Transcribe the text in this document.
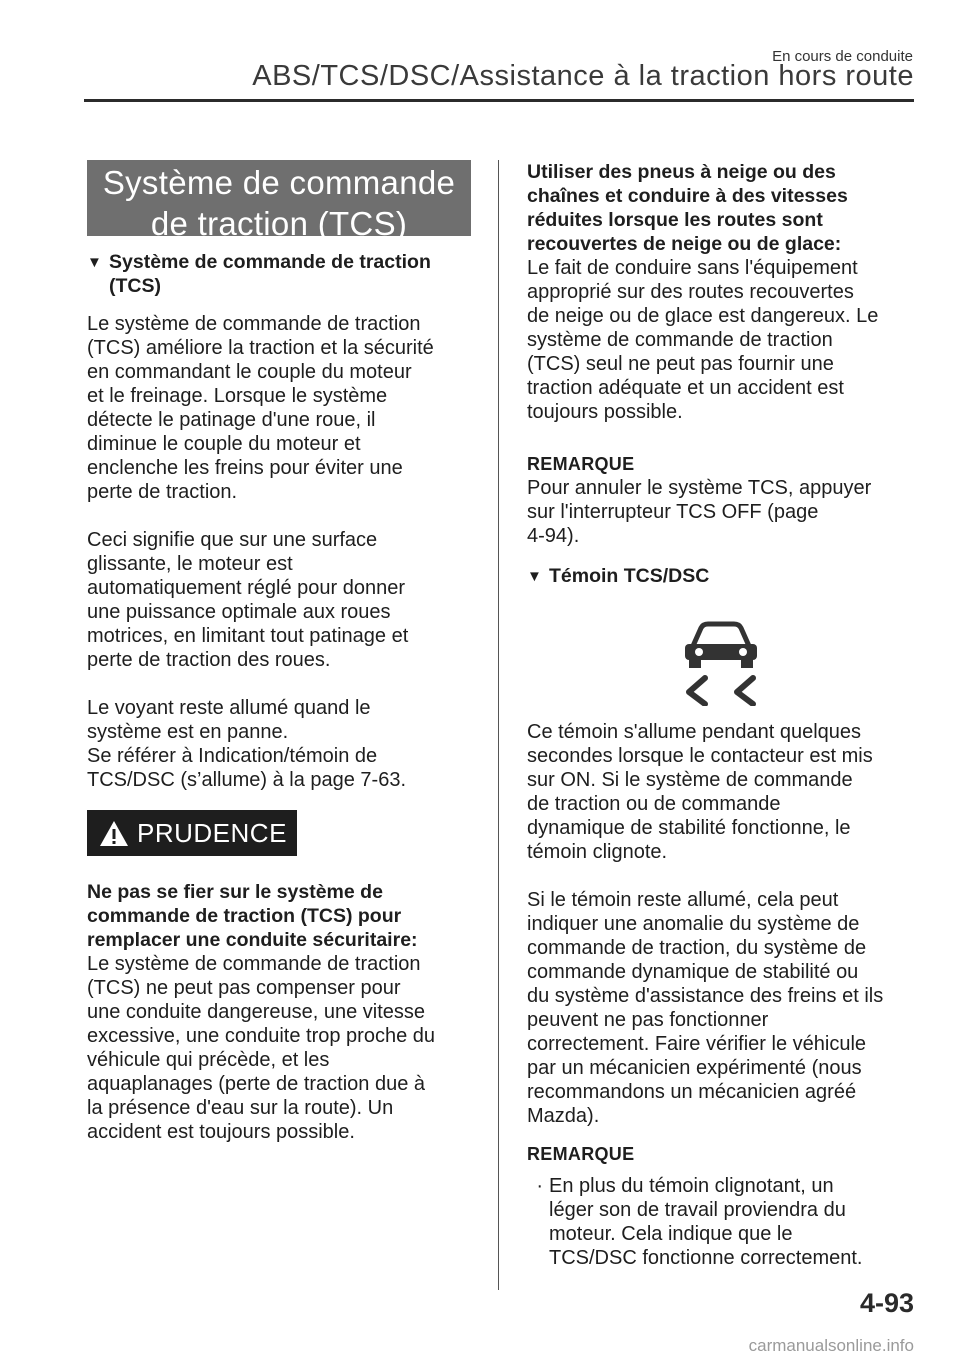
En cours de conduite
ABS/TCS/DSC/Assistance à la traction hors route
Système de commande
de traction (TCS)
▼ Système de commande de traction
(TCS)

Le système de commande de traction

(TCS) améliore la traction et la sécurité

en commandant le couple du moteur

et le freinage. Lorsque le système

détecte le patinage d'une roue, il

diminue le couple du moteur et

enclenche les freins pour éviter une

perte de traction.

Ceci signifie que sur une surface

glissante, le moteur est

automatiquement réglé pour donner

une puissance optimale aux roues

motrices, en limitant tout patinage et

perte de traction des roues.

Le voyant reste allumé quand le

système est en panne.

Se référer à Indication/témoin de

TCS/DSC (s’allume) à la page 7-63.

PRUDENCE

Ne pas se fier sur le système de

commande de traction (TCS) pour

remplacer une conduite sécuritaire:

Le système de commande de traction

(TCS) ne peut pas compenser pour

une conduite dangereuse, une vitesse

excessive, une conduite trop proche du

véhicule qui précède, et les

aquaplanages (perte de traction due à

la présence d'eau sur la route). Un

accident est toujours possible.

Utiliser des pneus à neige ou des

chaînes et conduire à des vitesses

réduites lorsque les routes sont

recouvertes de neige ou de glace:

Le fait de conduire sans l'équipement

approprié sur des routes recouvertes

de neige ou de glace est dangereux. Le

système de commande de traction

(TCS) seul ne peut pas fournir une

traction adéquate et un accident est

toujours possible.

REMARQUE

Pour annuler le système TCS, appuyer

sur l'interrupteur TCS OFF (page

4-94).

▼ Témoin TCS/DSC

Ce témoin s'allume pendant quelques

secondes lorsque le contacteur est mis

sur ON. Si le système de commande

de traction ou de commande

dynamique de stabilité fonctionne, le

témoin clignote.

Si le témoin reste allumé, cela peut

indiquer une anomalie du système de

commande de traction, du système de

commande dynamique de stabilité ou

du système d'assistance des freins et ils

peuvent ne pas fonctionner

correctement. Faire vérifier le véhicule

par un mécanicien expérimenté (nous

recommandons un mécanicien agréé

Mazda).

REMARQUE

· En plus du témoin clignotant, un

léger son de travail proviendra du

moteur. Cela indique que le

TCS/DSC fonctionne correctement.

4-93
carmanualsonline.info
